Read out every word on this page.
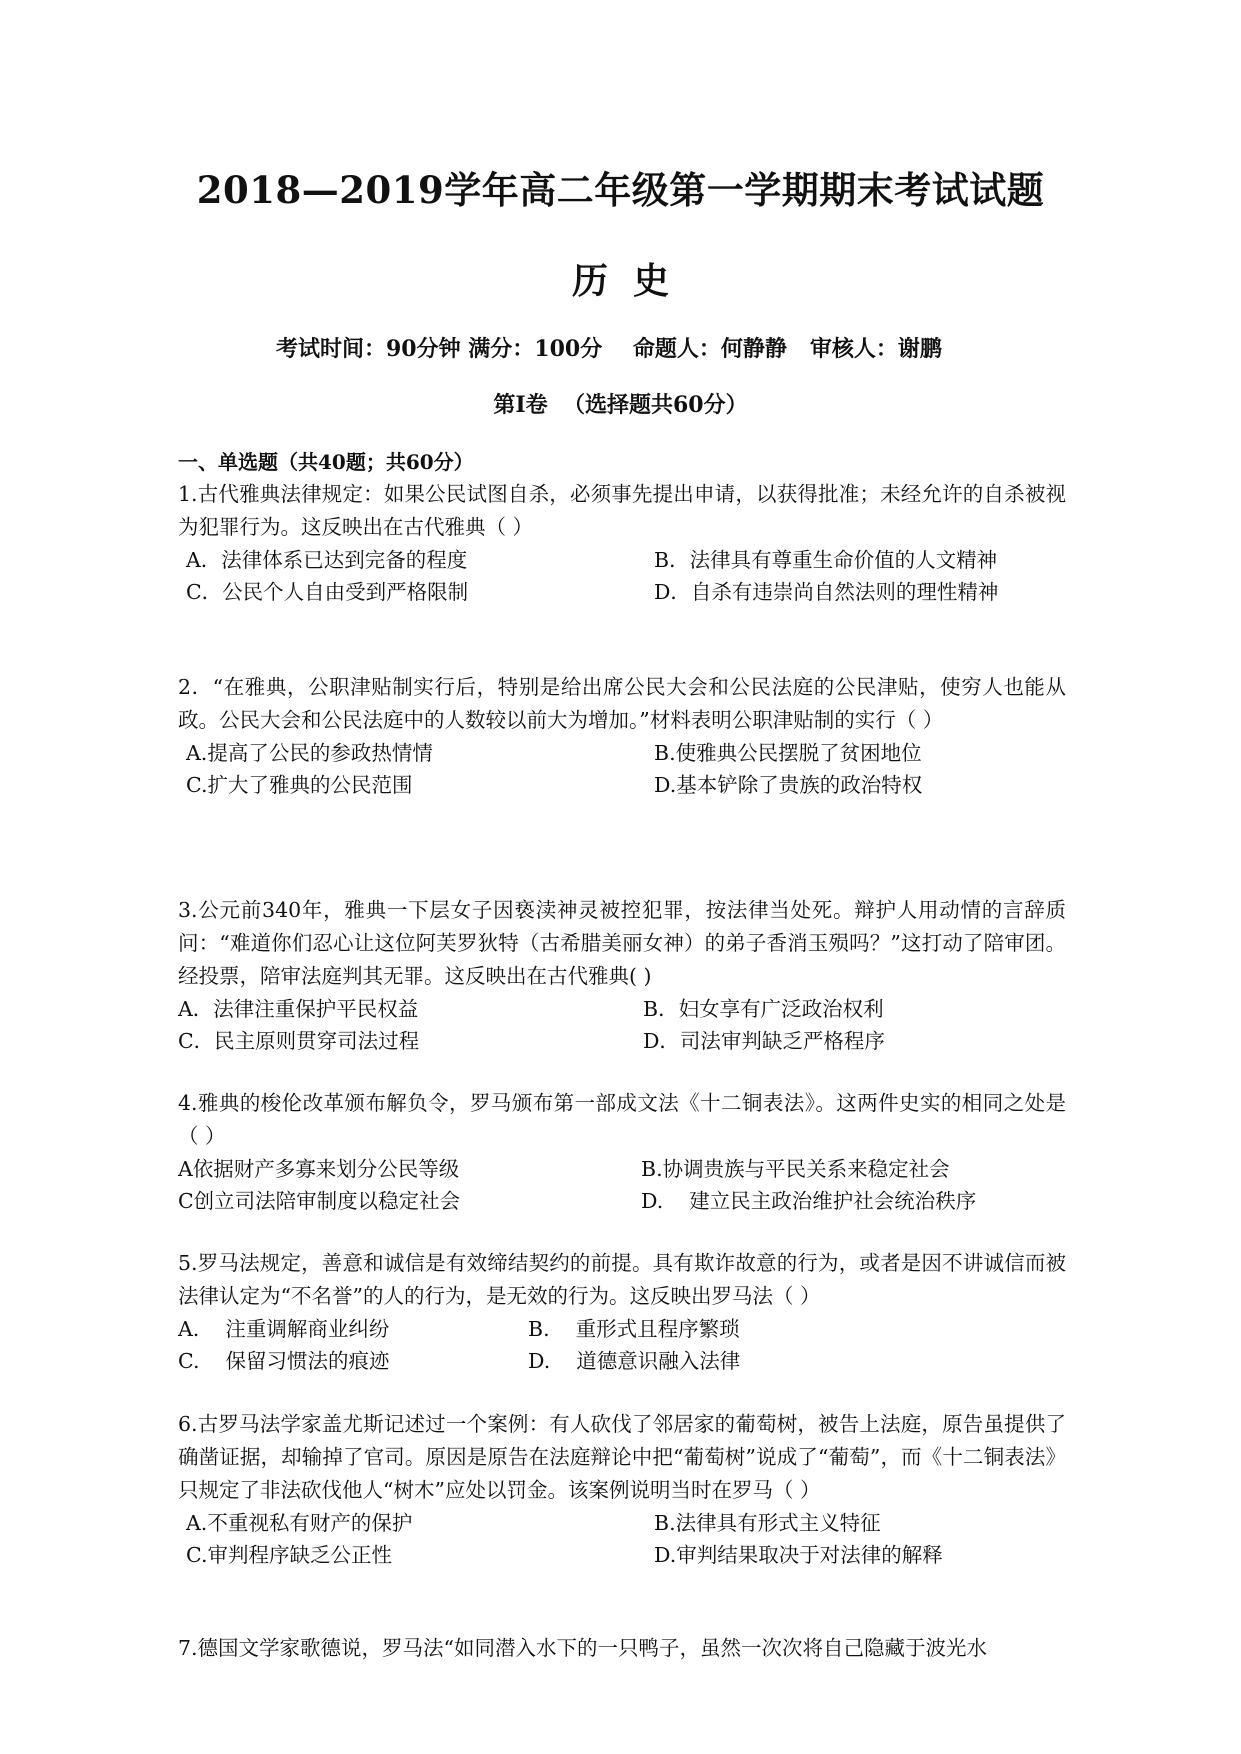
2018—2019学年高二年级第一学期期末考试试题
历  史
考试时间：90分钟 满分：100分    命题人：何静静   审核人：谢鹏
第Ⅰ卷  （选择题共60分）
一、单选题（共40题；共60分）

1.古代雅典法律规定：如果公民试图自杀，必须事先提出申请，以获得批准；未经允许的自杀被视为犯罪行为。这反映出在古代雅典（ ）

A．法律体系已达到完备的程度	B．法律具有尊重生命价值的人文精神
C．公民个人自由受到严格限制	D．自杀有违崇尚自然法则的理性精神

2．“在雅典，公职津贴制实行后，特别是给出席公民大会和公民法庭的公民津贴，使穷人也能从政。公民大会和公民法庭中的人数较以前大为增加。”材料表明公职津贴制的实行（ ）

A.提高了公民的参政热情情	B.使雅典公民摆脱了贫困地位
C.扩大了雅典的公民范围	D.基本铲除了贵族的政治特权

3.公元前340年，雅典一下层女子因亵渎神灵被控犯罪，按法律当处死。辩护人用动情的言辞质问：“难道你们忍心让这位阿芙罗狄特（古希腊美丽女神）的弟子香消玉殒吗？”这打动了陪审团。经投票，陪审法庭判其无罪。这反映出在古代雅典( )

A．法律注重保护平民权益	B．妇女享有广泛政治权利
C．民主原则贯穿司法过程	D．司法审判缺乏严格程序

4.雅典的梭伦改革颁布解负令，罗马颁布第一部成文法《十二铜表法》。这两件史实的相同之处是（ ）

A依据财产多寡来划分公民等级	B.协调贵族与平民关系来稳定社会
C创立司法陪审制度以稳定社会	D.    建立民主政治维护社会统治秩序

5.罗马法规定，善意和诚信是有效缔结契约的前提。具有欺诈故意的行为，或者是因不讲诚信而被法律认定为“不名誉”的人的行为，是无效的行为。这反映出罗马法（ ）

A.    注重调解商业纠纷	B.    重形式且程序繁琐
C.    保留习惯法的痕迹	D.    道德意识融入法律

6.古罗马法学家盖尤斯记述过一个案例：有人砍伐了邻居家的葡萄树，被告上法庭，原告虽提供了确凿证据，却输掉了官司。原因是原告在法庭辩论中把“葡萄树”说成了“葡萄”，而《十二铜表法》只规定了非法砍伐他人“树木”应处以罚金。该案例说明当时在罗马（ ）

A.不重视私有财产的保护	B.法律具有形式主义特征
C.审判程序缺乏公正性	D.审判结果取决于对法律的解释

7.德国文学家歌德说，罗马法“如同潜入水下的一只鸭子，虽然一次次将自己隐藏于波光水
